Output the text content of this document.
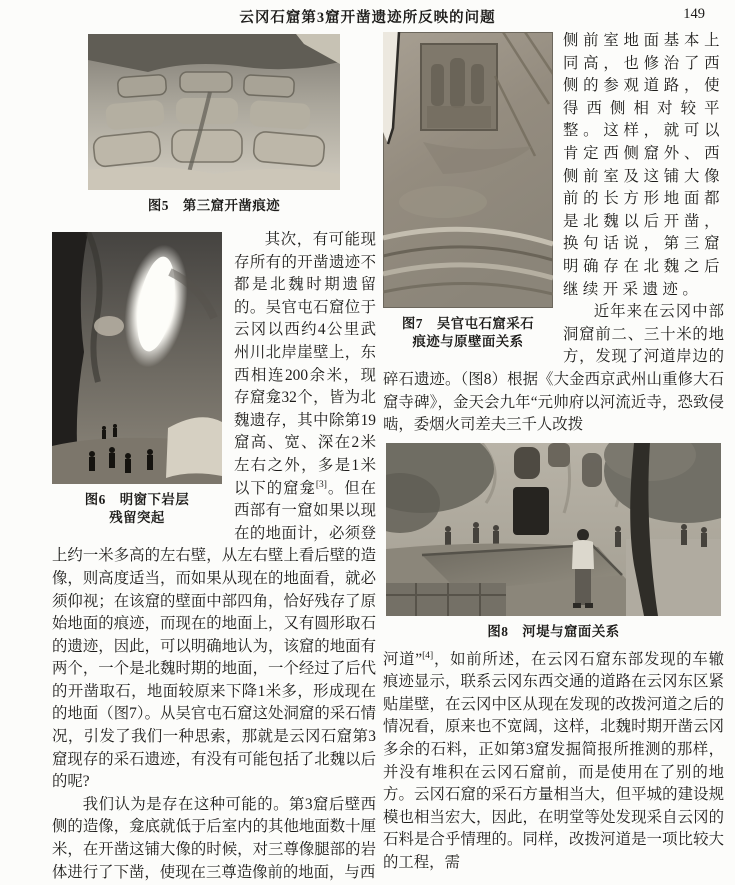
云冈石窟第3窟开凿遗迹所反映的问题	149
图5　第三窟开凿痕迹
图6　明窗下岩层
残留突起

其次，有可能现存所有的开凿遗迹不都是北魏时期遗留的。吴官屯石窟位于云冈以西约4公里武州川北岸崖壁上，东西相连200余米，现存窟龛32个，皆为北魏遗存，其中除第19窟高、宽、深在2米左右之外，多是1米以下的窟龛[3]。但在西部有一窟如果以现在的地面计，必须登上约一米多高的左右壁，从左右壁上看后壁的造像，则高度适当，而如果从现在的地面看，就必须仰视；在该窟的壁面中部四角，恰好残存了原始地面的痕迹，而现在的地面上，又有圆形取石的遗迹，因此，可以明确地认为，该窟的地面有两个，一个是北魏时期的地面，一个经过了后代的开凿取石，地面较原来下降1米多，形成现在的地面（图7）。从吴官屯石窟这处洞窟的采石情况，引发了我们一种思索，那就是云冈石窟第3窟现存的采石遗迹，有没有可能包括了北魏以后的呢?

我们认为是存在这种可能的。第3窟后壁西侧的造像，龛底就低于后室内的其他地面数十厘米，在开凿这铺大像的时候，对三尊像腿部的岩体进行了下凿，使现在三尊造像前的地面，与西

图7　吴官屯石窟采石
痕迹与原壁面关系

侧前室地面基本上同高，也修治了西侧的参观道路，使得西侧相对较平整。这样，就可以肯定西侧窟外、西侧前室及这铺大像前的长方形地面都是北魏以后开凿，换句话说，第三窟明确存在北魏之后继续开采遗迹。

近年来在云冈中部洞窟前二、三十米的地方，发现了河道岸边的碎石遗迹。（图8）根据《大金西京武州山重修大石窟寺碑》，金天会九年“元帅府以河流近寺，恐致侵啮，委烟火司差夫三千人改拨

图8　河堤与窟面关系

河道”[4]，如前所述，在云冈石窟东部发现的车辙痕迹显示，联系云冈东西交通的道路在云冈东区紧贴崖壁，在云冈中区从现在发现的改拨河道之后的情况看，原来也不宽阔，这样，北魏时期开凿云冈多余的石料，正如第3窟发掘简报所推测的那样，并没有堆积在云冈石窟前，而是使用在了别的地方。云冈石窟的采石方量相当大，但平城的建设规模也相当宏大，因此，在明堂等处发现采自云冈的石料是合乎情理的。同样，改拨河道是一项比较大的工程，需
